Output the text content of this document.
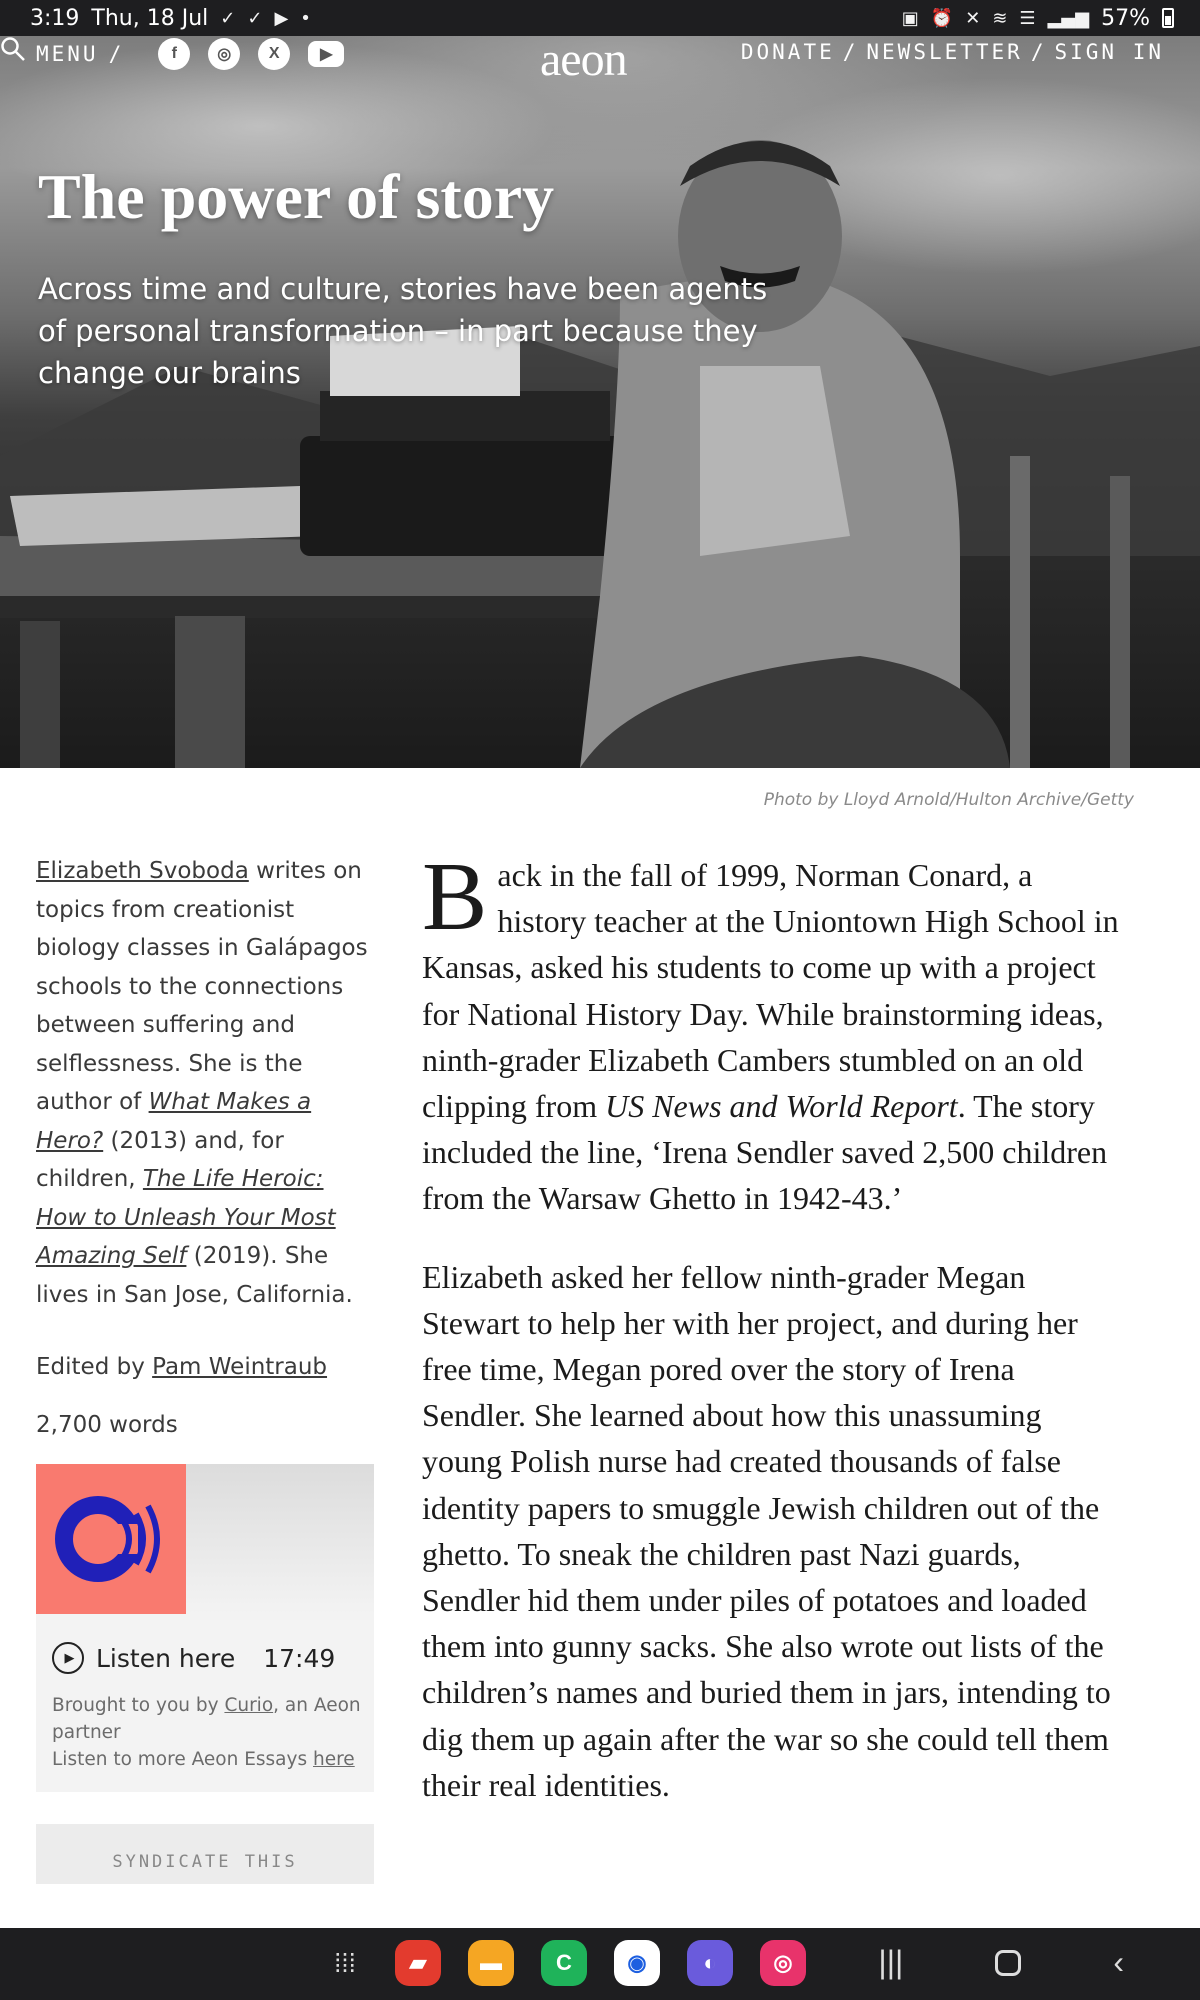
3:19 Thu, 18 Jul ✓ ✓ ▶ •	▣ ⏰ ✕ ≋ ☰ ▂▄▆ 57%
MENU /	f	◎	X	▶	aeon	DONATE / NEWSLETTER / SIGN IN
The power of story

Across time and culture, stories have been agents of personal transformation – in part because they change our brains

Photo by Lloyd Arnold/Hulton Archive/Getty

Elizabeth Svoboda writes on topics from creationist biology classes in Galápagos schools to the connections between suffering and selflessness. She is the author of What Makes a Hero? (2013) and, for children, The Life Heroic: How to Unleash Your Most Amazing Self (2019). She lives in San Jose, California.

Edited by Pam Weintraub

2,700 words

▶ Listen here 17:49
Brought to you by Curio, an Aeon partner
Listen to more Aeon Essays here
SYNDICATE THIS

Back in the fall of 1999, Norman Conard, a history teacher at the Uniontown High School in Kansas, asked his students to come up with a project for National History Day. While brainstorming ideas, ninth-grader Elizabeth Cambers stumbled on an old clipping from US News and World Report. The story included the line, ‘Irena Sendler saved 2,500 children from the Warsaw Ghetto in 1942-43.’

Elizabeth asked her fellow ninth-grader Megan Stewart to help her with her project, and during her free time, Megan pored over the story of Irena Sendler. She learned about how this unassuming young Polish nurse had created thousands of false identity papers to smuggle Jewish children out of the ghetto. To sneak the children past Nazi guards, Sendler hid them under piles of potatoes and loaded them into gunny sacks. She also wrote out lists of the children’s names and buried them in jars, intending to dig them up again after the war so she could tell them their real identities.

⁞⁞⁞	▰	▬	C	◉	◐	◎	|||	‹
